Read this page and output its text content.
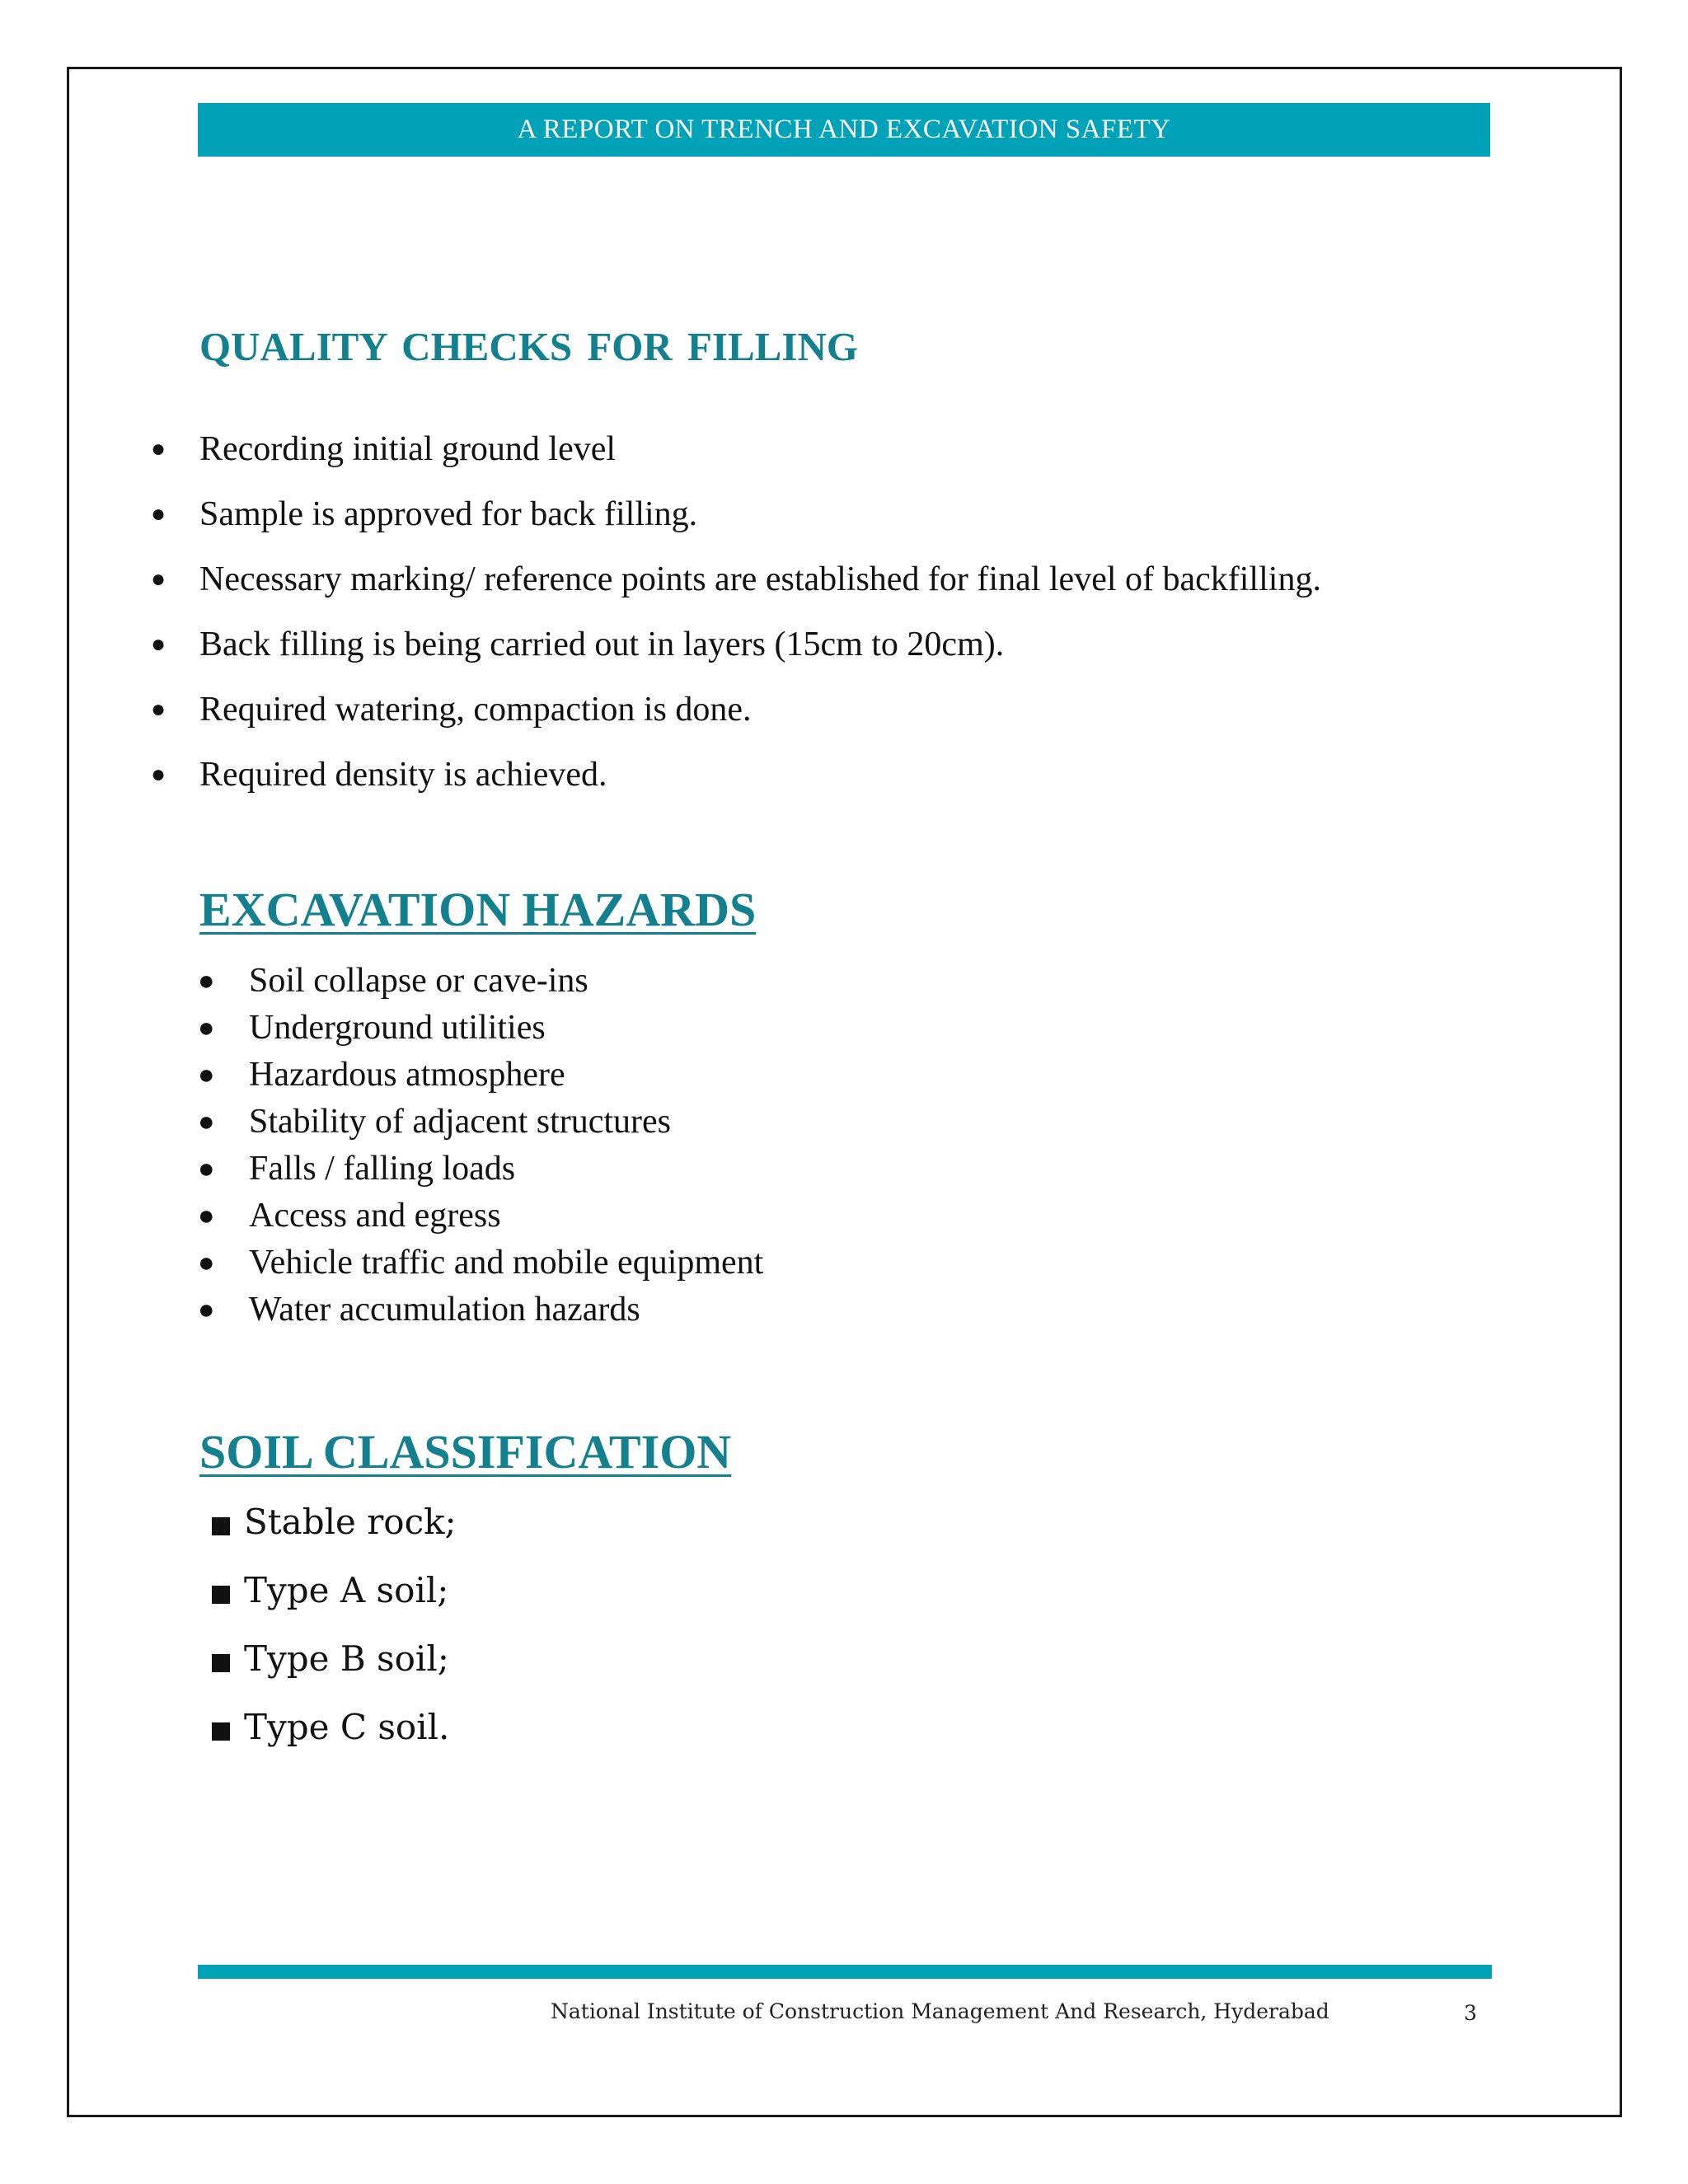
A REPORT ON TRENCH AND EXCAVATION SAFETY
QUALITY CHECKS FOR FILLING
● Recording initial ground level
● Sample is approved for back filling.
● Necessary marking/ reference points are established for final level of backfilling.
● Back filling is being carried out in layers (15cm to 20cm).
● Required watering, compaction is done.
● Required density is achieved.
EXCAVATION HAZARDS
● Soil collapse or cave-ins
● Underground utilities
● Hazardous atmosphere
● Stability of adjacent structures
● Falls / falling loads
● Access and egress
● Vehicle traffic and mobile equipment
● Water accumulation hazards
SOIL CLASSIFICATION
Stable rock;
Type A soil;
Type B soil;
Type C soil.
National Institute of Construction Management And Research, Hyderabad	3
